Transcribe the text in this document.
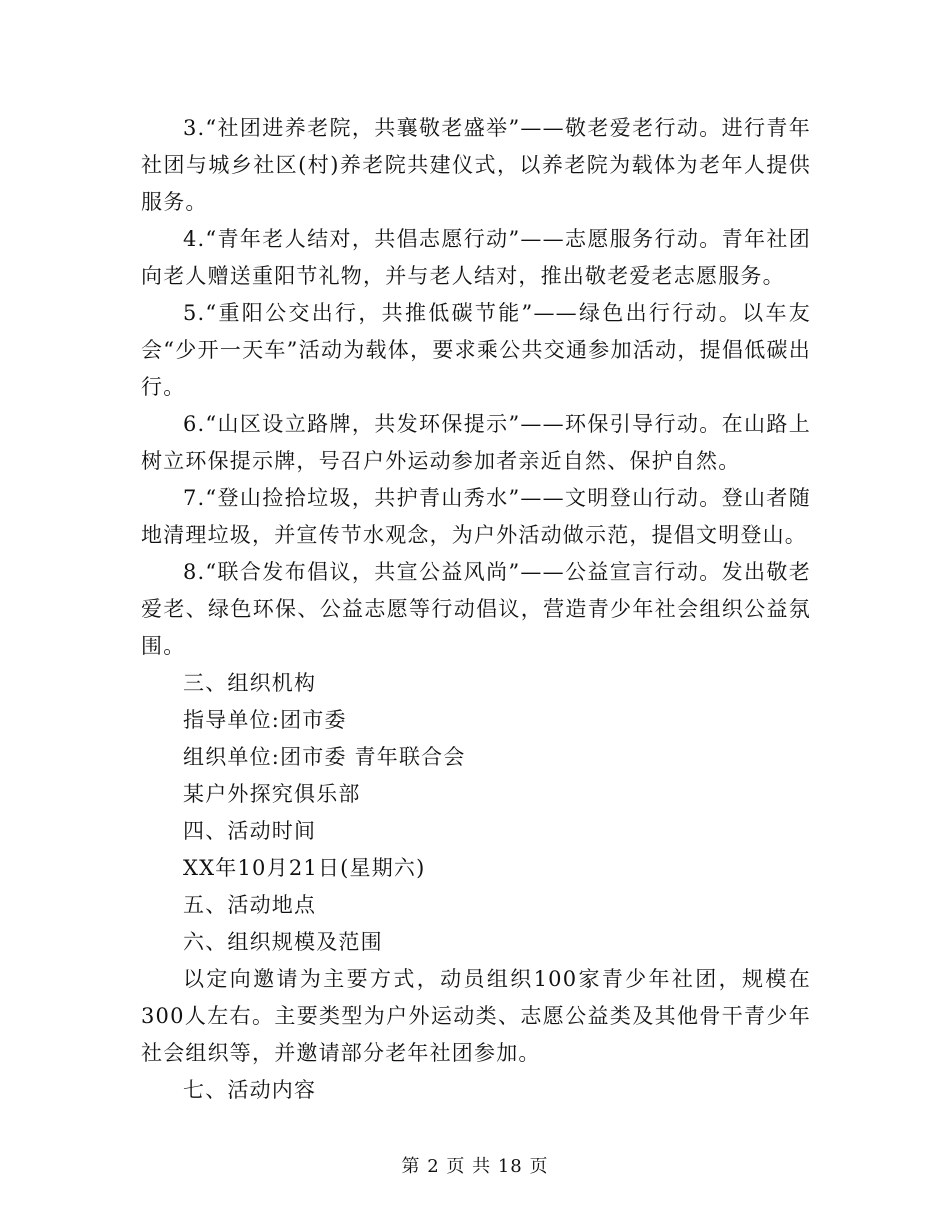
3.“社团进养老院，共襄敬老盛举”——敬老爱老行动。进行青年社团与城乡社区(村)养老院共建仪式，以养老院为载体为老年人提供服务。

4.“青年老人结对，共倡志愿行动”——志愿服务行动。青年社团向老人赠送重阳节礼物，并与老人结对，推出敬老爱老志愿服务。

5.“重阳公交出行，共推低碳节能”——绿色出行行动。以车友会“少开一天车”活动为载体，要求乘公共交通参加活动，提倡低碳出行。

6.“山区设立路牌，共发环保提示”——环保引导行动。在山路上树立环保提示牌，号召户外运动参加者亲近自然、保护自然。

7.“登山捡拾垃圾，共护青山秀水”——文明登山行动。登山者随地清理垃圾，并宣传节水观念，为户外活动做示范，提倡文明登山。

8.“联合发布倡议，共宣公益风尚”——公益宣言行动。发出敬老爱老、绿色环保、公益志愿等行动倡议，营造青少年社会组织公益氛围。

三、组织机构

指导单位:团市委

组织单位:团市委 青年联合会

某户外探究俱乐部

四、活动时间

XX年10月21日(星期六)

五、活动地点

六、组织规模及范围

以定向邀请为主要方式，动员组织100家青少年社团，规模在300人左右。主要类型为户外运动类、志愿公益类及其他骨干青少年社会组织等，并邀请部分老年社团参加。

七、活动内容

第 2 页 共 18 页
